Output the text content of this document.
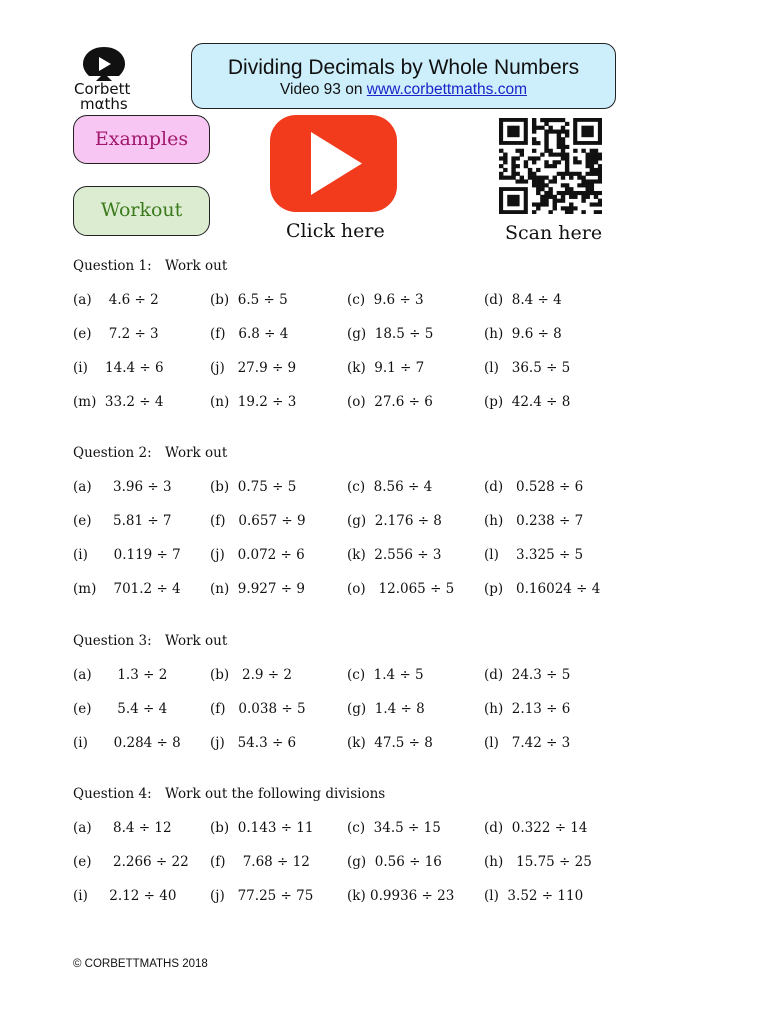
Corbett
mαths
Dividing Decimals by Whole Numbers
Video 93 on www.corbettmaths.com
Examples
Workout
Click here	Scan here
Question 1: Work out
(a)    4.6 ÷ 2	(b)  6.5 ÷ 5	(c)  9.6 ÷ 3	(d)  8.4 ÷ 4
(e)    7.2 ÷ 3	(f)   6.8 ÷ 4	(g)  18.5 ÷ 5	(h)  9.6 ÷ 8
(i)    14.4 ÷ 6	(j)   27.9 ÷ 9	(k)  9.1 ÷ 7	(l)   36.5 ÷ 5
(m)  33.2 ÷ 4	(n)  19.2 ÷ 3	(o)  27.6 ÷ 6	(p)  42.4 ÷ 8
Question 2: Work out
(a)     3.96 ÷ 3	(b)  0.75 ÷ 5	(c)  8.56 ÷ 4	(d)   0.528 ÷ 6
(e)     5.81 ÷ 7	(f)   0.657 ÷ 9	(g)  2.176 ÷ 8	(h)   0.238 ÷ 7
(i)      0.119 ÷ 7 (j)   0.072 ÷ 6	(k)  2.556 ÷ 3	(l)    3.325 ÷ 5
(m)    701.2 ÷ 4 (n)  9.927 ÷ 9	(o)   12.065 ÷ 5 (p)   0.16024 ÷ 4
Question 3: Work out
(a)      1.3 ÷ 2	(b)   2.9 ÷ 2	(c)  1.4 ÷ 5	(d)  24.3 ÷ 5
(e)      5.4 ÷ 4	(f)   0.038 ÷ 5	(g)  1.4 ÷ 8	(h)  2.13 ÷ 6
(i)      0.284 ÷ 8 (j)   54.3 ÷ 6	(k)  47.5 ÷ 8	(l)   7.42 ÷ 3
Question 4: Work out the following divisions
(a)     8.4 ÷ 12	(b)  0.143 ÷ 11 (c)  34.5 ÷ 15	(d)  0.322 ÷ 14
(e)     2.266 ÷ 22 (f)    7.68 ÷ 12	(g)  0.56 ÷ 16	(h)   15.75 ÷ 25
(i)     2.12 ÷ 40 (j)   77.25 ÷ 75 (k) 0.9936 ÷ 23 (l)  3.52 ÷ 110
© CORBETTMATHS 2018
